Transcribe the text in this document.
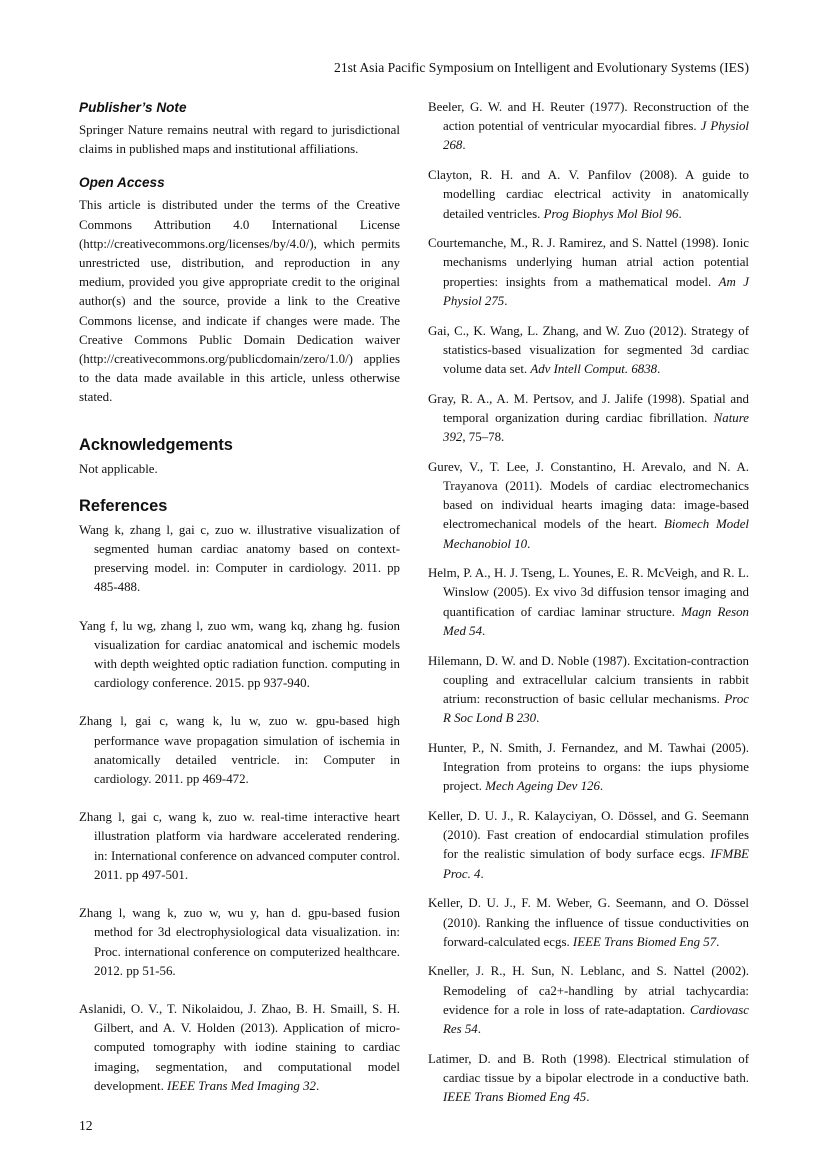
21st Asia Pacific Symposium on Intelligent and Evolutionary Systems (IES)
Publisher’s Note

Springer Nature remains neutral with regard to jurisdictional claims in published maps and institutional affiliations.

Open Access

This article is distributed under the terms of the Creative Commons Attribution 4.0 International License (http://creativecommons.org/licenses/by/4.0/), which permits unrestricted use, distribution, and reproduction in any medium, provided you give appropriate credit to the original author(s) and the source, provide a link to the Creative Commons license, and indicate if changes were made. The Creative Commons Public Domain Dedication waiver (http://creativecommons.org/publicdomain/zero/1.0/) applies to the data made available in this article, unless otherwise stated.

Acknowledgements

Not applicable.

References

Wang k, zhang l, gai c, zuo w. illustrative visualization of segmented human cardiac anatomy based on context-preserving model. in: Computer in cardiology. 2011. pp 485-488.

Yang f, lu wg, zhang l, zuo wm, wang kq, zhang hg. fusion visualization for cardiac anatomical and ischemic models with depth weighted optic radiation function. computing in cardiology conference. 2015. pp 937-940.

Zhang l, gai c, wang k, lu w, zuo w. gpu-based high performance wave propagation simulation of ischemia in anatomically detailed ventricle. in: Computer in cardiology. 2011. pp 469-472.

Zhang l, gai c, wang k, zuo w. real-time interactive heart illustration platform via hardware accelerated rendering. in: International conference on advanced computer control. 2011. pp 497-501.

Zhang l, wang k, zuo w, wu y, han d. gpu-based fusion method for 3d electrophysiological data visualization. in: Proc. international conference on computerized healthcare. 2012. pp 51-56.

Aslanidi, O. V., T. Nikolaidou, J. Zhao, B. H. Smaill, S. H. Gilbert, and A. V. Holden (2013). Application of micro-computed tomography with iodine staining to cardiac imaging, segmentation, and computational model development. IEEE Trans Med Imaging 32.

Beeler, G. W. and H. Reuter (1977). Reconstruction of the action potential of ventricular myocardial fibres. J Physiol 268.

Clayton, R. H. and A. V. Panfilov (2008). A guide to modelling cardiac electrical activity in anatomically detailed ventricles. Prog Biophys Mol Biol 96.

Courtemanche, M., R. J. Ramirez, and S. Nattel (1998). Ionic mechanisms underlying human atrial action potential properties: insights from a mathematical model. Am J Physiol 275.

Gai, C., K. Wang, L. Zhang, and W. Zuo (2012). Strategy of statistics-based visualization for segmented 3d cardiac volume data set. Adv Intell Comput. 6838.

Gray, R. A., A. M. Pertsov, and J. Jalife (1998). Spatial and temporal organization during cardiac fibrillation. Nature 392, 75–78.

Gurev, V., T. Lee, J. Constantino, H. Arevalo, and N. A. Trayanova (2011). Models of cardiac electromechanics based on individual hearts imaging data: image-based electromechanical models of the heart. Biomech Model Mechanobiol 10.

Helm, P. A., H. J. Tseng, L. Younes, E. R. McVeigh, and R. L. Winslow (2005). Ex vivo 3d diffusion tensor imaging and quantification of cardiac laminar structure. Magn Reson Med 54.

Hilemann, D. W. and D. Noble (1987). Excitation-contraction coupling and extracellular calcium transients in rabbit atrium: reconstruction of basic cellular mechanisms. Proc R Soc Lond B 230.

Hunter, P., N. Smith, J. Fernandez, and M. Tawhai (2005). Integration from proteins to organs: the iups physiome project. Mech Ageing Dev 126.

Keller, D. U. J., R. Kalayciyan, O. Dössel, and G. Seemann (2010). Fast creation of endocardial stimulation profiles for the realistic simulation of body surface ecgs. IFMBE Proc. 4.

Keller, D. U. J., F. M. Weber, G. Seemann, and O. Dössel (2010). Ranking the influence of tissue conductivities on forward-calculated ecgs. IEEE Trans Biomed Eng 57.

Kneller, J. R., H. Sun, N. Leblanc, and S. Nattel (2002). Remodeling of ca2+-handling by atrial tachycardia: evidence for a role in loss of rate-adaptation. Cardiovasc Res 54.

Latimer, D. and B. Roth (1998). Electrical stimulation of cardiac tissue by a bipolar electrode in a conductive bath. IEEE Trans Biomed Eng 45.

12
